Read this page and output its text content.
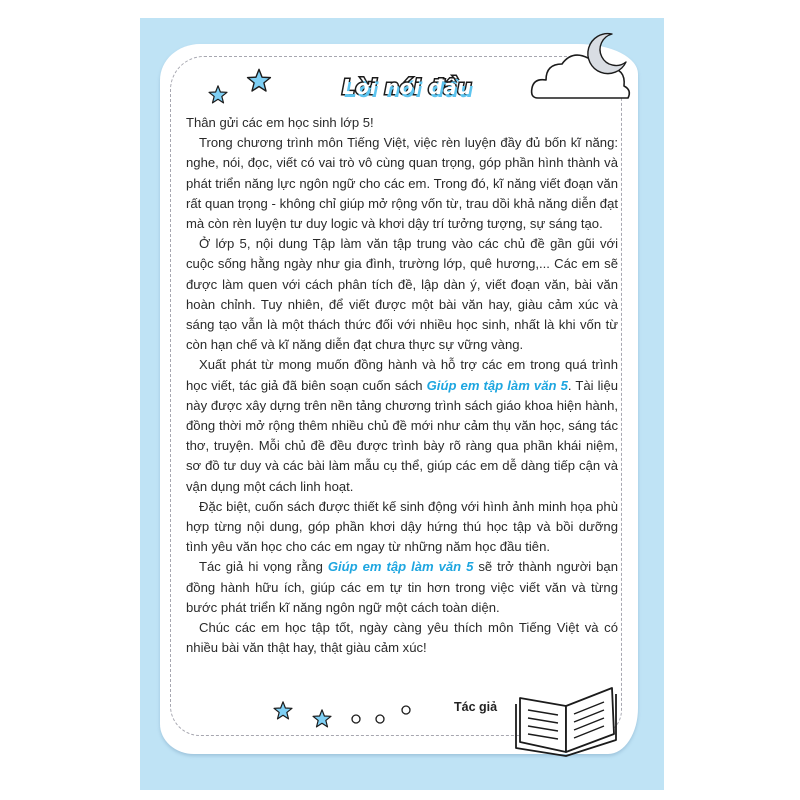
Lời nói đầu

Thân gửi các em học sinh lớp 5!

Trong chương trình môn Tiếng Việt, việc rèn luyện đầy đủ bốn kĩ năng: nghe, nói, đọc, viết có vai trò vô cùng quan trọng, góp phần hình thành và phát triển năng lực ngôn ngữ cho các em. Trong đó, kĩ năng viết đoạn văn rất quan trọng - không chỉ giúp mở rộng vốn từ, trau dồi khả năng diễn đạt mà còn rèn luyện tư duy logic và khơi dậy trí tưởng tượng, sự sáng tạo.

Ở lớp 5, nội dung Tập làm văn tập trung vào các chủ đề gần gũi với cuộc sống hằng ngày như gia đình, trường lớp, quê hương,... Các em sẽ được làm quen với cách phân tích đề, lập dàn ý, viết đoạn văn, bài văn hoàn chỉnh. Tuy nhiên, để viết được một bài văn hay, giàu cảm xúc và sáng tạo vẫn là một thách thức đối với nhiều học sinh, nhất là khi vốn từ còn hạn chế và kĩ năng diễn đạt chưa thực sự vững vàng.

Xuất phát từ mong muốn đồng hành và hỗ trợ các em trong quá trình học viết, tác giả đã biên soạn cuốn sách Giúp em tập làm văn 5. Tài liệu này được xây dựng trên nền tảng chương trình sách giáo khoa hiện hành, đồng thời mở rộng thêm nhiều chủ đề mới như cảm thụ văn học, sáng tác thơ, truyện. Mỗi chủ đề đều được trình bày rõ ràng qua phần khái niệm, sơ đồ tư duy và các bài làm mẫu cụ thể, giúp các em dễ dàng tiếp cận và vận dụng một cách linh hoạt.

Đặc biệt, cuốn sách được thiết kế sinh động với hình ảnh minh họa phù hợp từng nội dung, góp phần khơi dậy hứng thú học tập và bồi dưỡng tình yêu văn học cho các em ngay từ những năm học đầu tiên.

Tác giả hi vọng rằng Giúp em tập làm văn 5 sẽ trở thành người bạn đồng hành hữu ích, giúp các em tự tin hơn trong việc viết văn và từng bước phát triển kĩ năng ngôn ngữ một cách toàn diện.

Chúc các em học tập tốt, ngày càng yêu thích môn Tiếng Việt và có nhiều bài văn thật hay, thật giàu cảm xúc!

Tác giả
